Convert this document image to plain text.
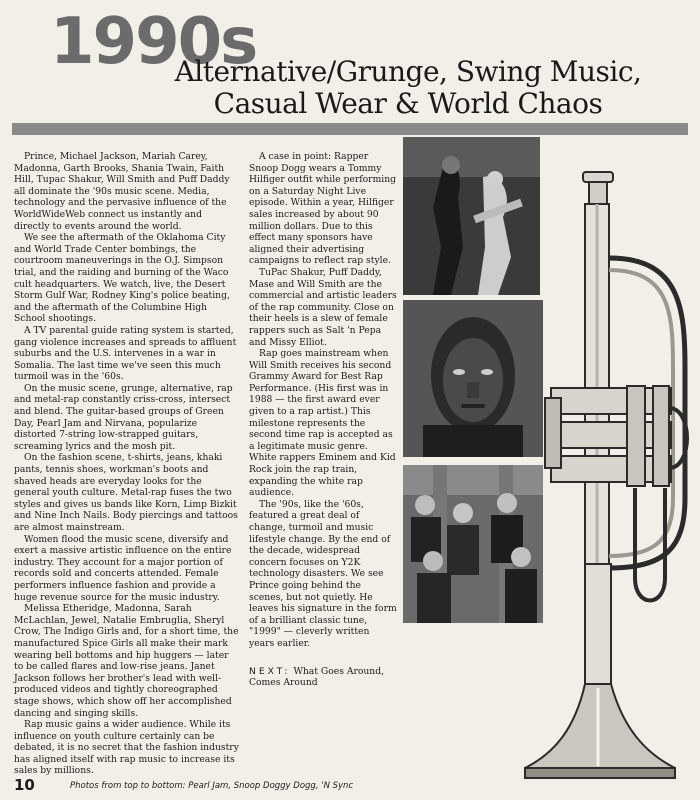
1990s
Alternative/Grunge, Swing Music,
Casual Wear & World Chaos

Prince, Michael Jackson, Mariah Carey, Madonna, Garth Brooks, Shania Twain, Faith Hill, Tupac Shakur, Will Smith and Puff Daddy all dominate the '90s music scene. Media, technology and the pervasive influence of the WorldWideWeb connect us instantly and directly to events around the world.

We see the aftermath of the Oklahoma City and World Trade Center bombings, the courtroom maneuverings in the O.J. Simpson trial, and the raiding and burning of the Waco cult headquarters. We watch, live, the Desert Storm Gulf War, Rodney King's police beating, and the aftermath of the Columbine High School shootings.

A TV parental guide rating system is started, gang violence increases and spreads to affluent suburbs and the U.S. intervenes in a war in Somalia. The last time we've seen this much turmoil was in the '60s.

On the music scene, grunge, alternative, rap and metal-rap constantly criss-cross, intersect and blend. The guitar-based groups of Green Day, Pearl Jam and Nirvana, popularize distorted 7-string low-strapped guitars, screaming lyrics and the mosh pit.

On the fashion scene, t-shirts, jeans, khaki pants, tennis shoes, workman's boots and shaved heads are everyday looks for the general youth culture. Metal-rap fuses the two styles and gives us bands like Korn, Limp Bizkit and Nine Inch Nails. Body piercings and tattoos are almost mainstream.

Women flood the music scene, diversify and exert a massive artistic influence on the entire industry. They account for a major portion of records sold and concerts attended. Female performers influence fashion and provide a huge revenue source for the music industry.

Melissa Etheridge, Madonna, Sarah McLachlan, Jewel, Natalie Embruglia, Sheryl Crow, The Indigo Girls and, for a short time, the manufactured Spice Girls all make their mark wearing bell bottoms and hip huggers — later to be called flares and low-rise jeans. Janet Jackson follows her brother's lead with well-produced videos and tightly choreographed stage shows, which show off her accomplished dancing and singing skills.

Rap music gains a wider audience. While its influence on youth culture certainly can be debated, it is no secret that the fashion industry has aligned itself with rap music to increase its sales by millions.

A case in point: Rapper Snoop Dogg wears a Tommy Hilfiger outfit while performing on a Saturday Night Live episode. Within a year, Hilfiger sales increased by about 90 million dollars. Due to this effect many sponsors have aligned their advertising campaigns to reflect rap style.

TuPac Shakur, Puff Daddy, Mase and Will Smith are the commercial and artistic leaders of the rap community. Close on their heels is a slew of female rappers such as Salt 'n Pepa and Missy Elliot.

Rap goes mainstream when Will Smith receives his second Grammy Award for Best Rap Performance. (His first was in 1988 — the first award ever given to a rap artist.) This milestone represents the second time rap is accepted as a legitimate music genre. White rappers Eminem and Kid Rock join the rap train, expanding the white rap audience.

The '90s, like the '60s, featured a great deal of change, turmoil and music lifestyle change. By the end of the decade, widespread concern focuses on Y2K technology disasters. We see Prince going behind the scenes, but not quietly. He leaves his signature in the form of a brilliant classic tune, "1999" — cleverly written years earlier.

NEXT: What Goes Around, Comes Around

10	Photos from top to bottom: Pearl Jam, Snoop Doggy Dogg, 'N Sync
